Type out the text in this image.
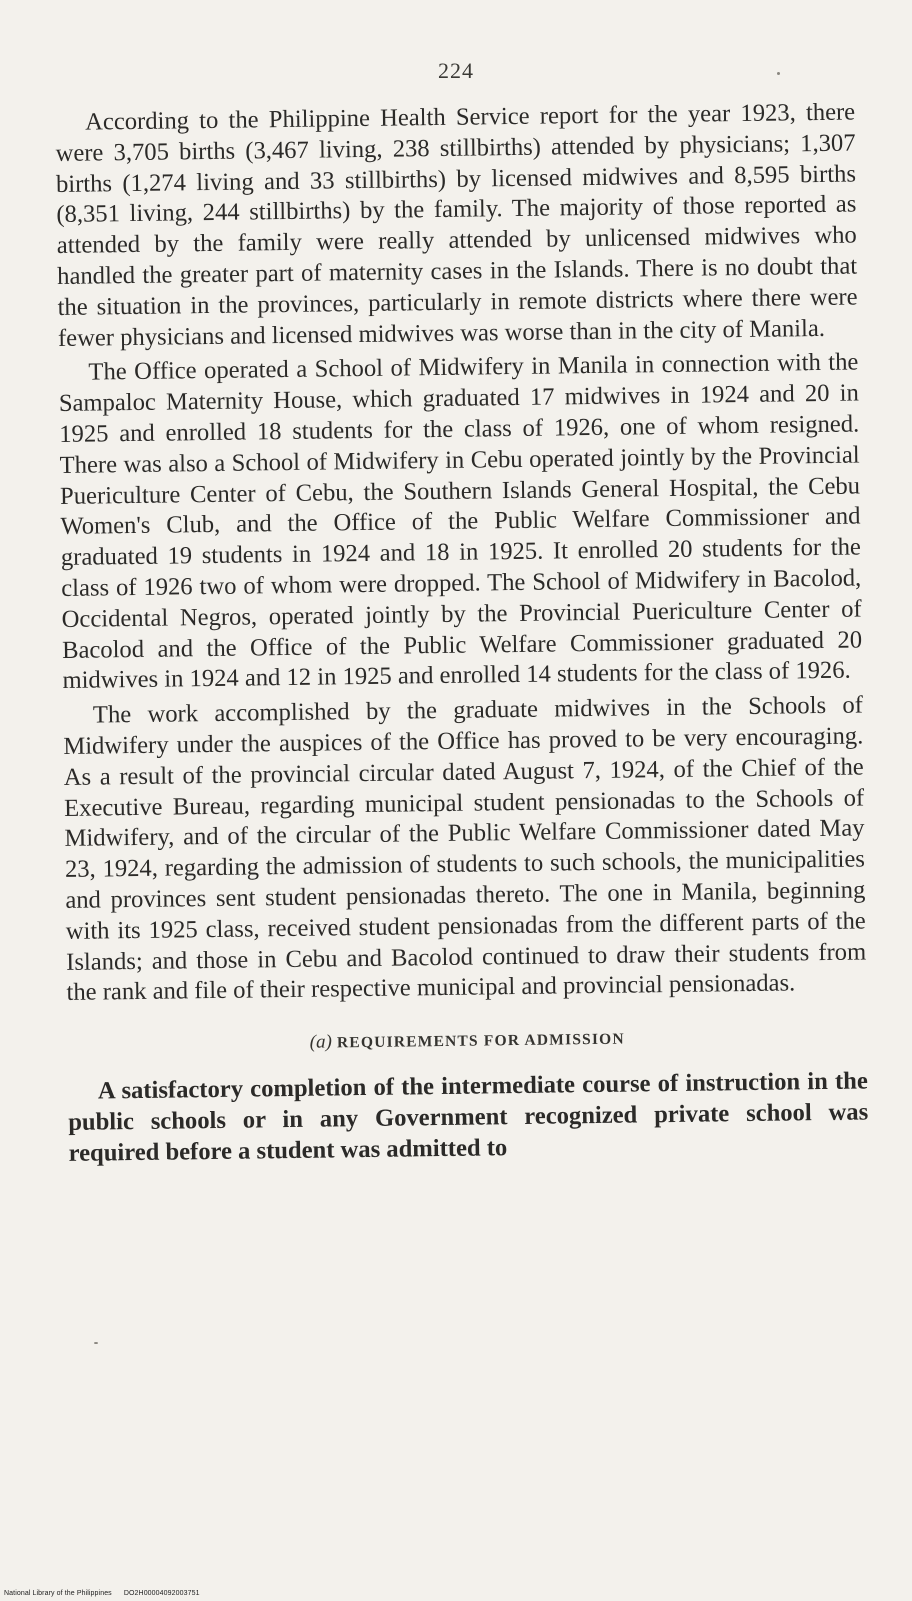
224

According to the Philippine Health Service report for the year 1923, there were 3,705 births (3,467 living, 238 stillbirths) attended by physicians; 1,307 births (1,274 living and 33 stillbirths) by licensed midwives and 8,595 births (8,351 living, 244 stillbirths) by the family. The majority of those reported as attended by the family were really attended by unlicensed midwives who handled the greater part of maternity cases in the Islands. There is no doubt that the situation in the provinces, particularly in remote districts where there were fewer physicians and licensed midwives was worse than in the city of Manila.

The Office operated a School of Midwifery in Manila in connection with the Sampaloc Maternity House, which graduated 17 midwives in 1924 and 20 in 1925 and enrolled 18 students for the class of 1926, one of whom resigned. There was also a School of Midwifery in Cebu operated jointly by the Provincial Puericulture Center of Cebu, the Southern Islands General Hospital, the Cebu Women's Club, and the Office of the Public Welfare Commissioner and graduated 19 students in 1924 and 18 in 1925. It enrolled 20 students for the class of 1926 two of whom were dropped. The School of Midwifery in Bacolod, Occidental Negros, operated jointly by the Provincial Puericulture Center of Bacolod and the Office of the Public Welfare Commissioner graduated 20 midwives in 1924 and 12 in 1925 and enrolled 14 students for the class of 1926.

The work accomplished by the graduate midwives in the Schools of Midwifery under the auspices of the Office has proved to be very encouraging. As a result of the provincial circular dated August 7, 1924, of the Chief of the Executive Bureau, regarding municipal student pensionadas to the Schools of Midwifery, and of the circular of the Public Welfare Commissioner dated May 23, 1924, regarding the admission of students to such schools, the municipalities and provinces sent student pensionadas thereto. The one in Manila, beginning with its 1925 class, received student pensionadas from the different parts of the Islands; and those in Cebu and Bacolod continued to draw their students from the rank and file of their respective municipal and provincial pensionadas.

(a) REQUIREMENTS FOR ADMISSION

A satisfactory completion of the intermediate course of instruction in the public schools or in any Government recognized private school was required before a student was admitted to

National Library of the Philippines DO2H00004092003751
